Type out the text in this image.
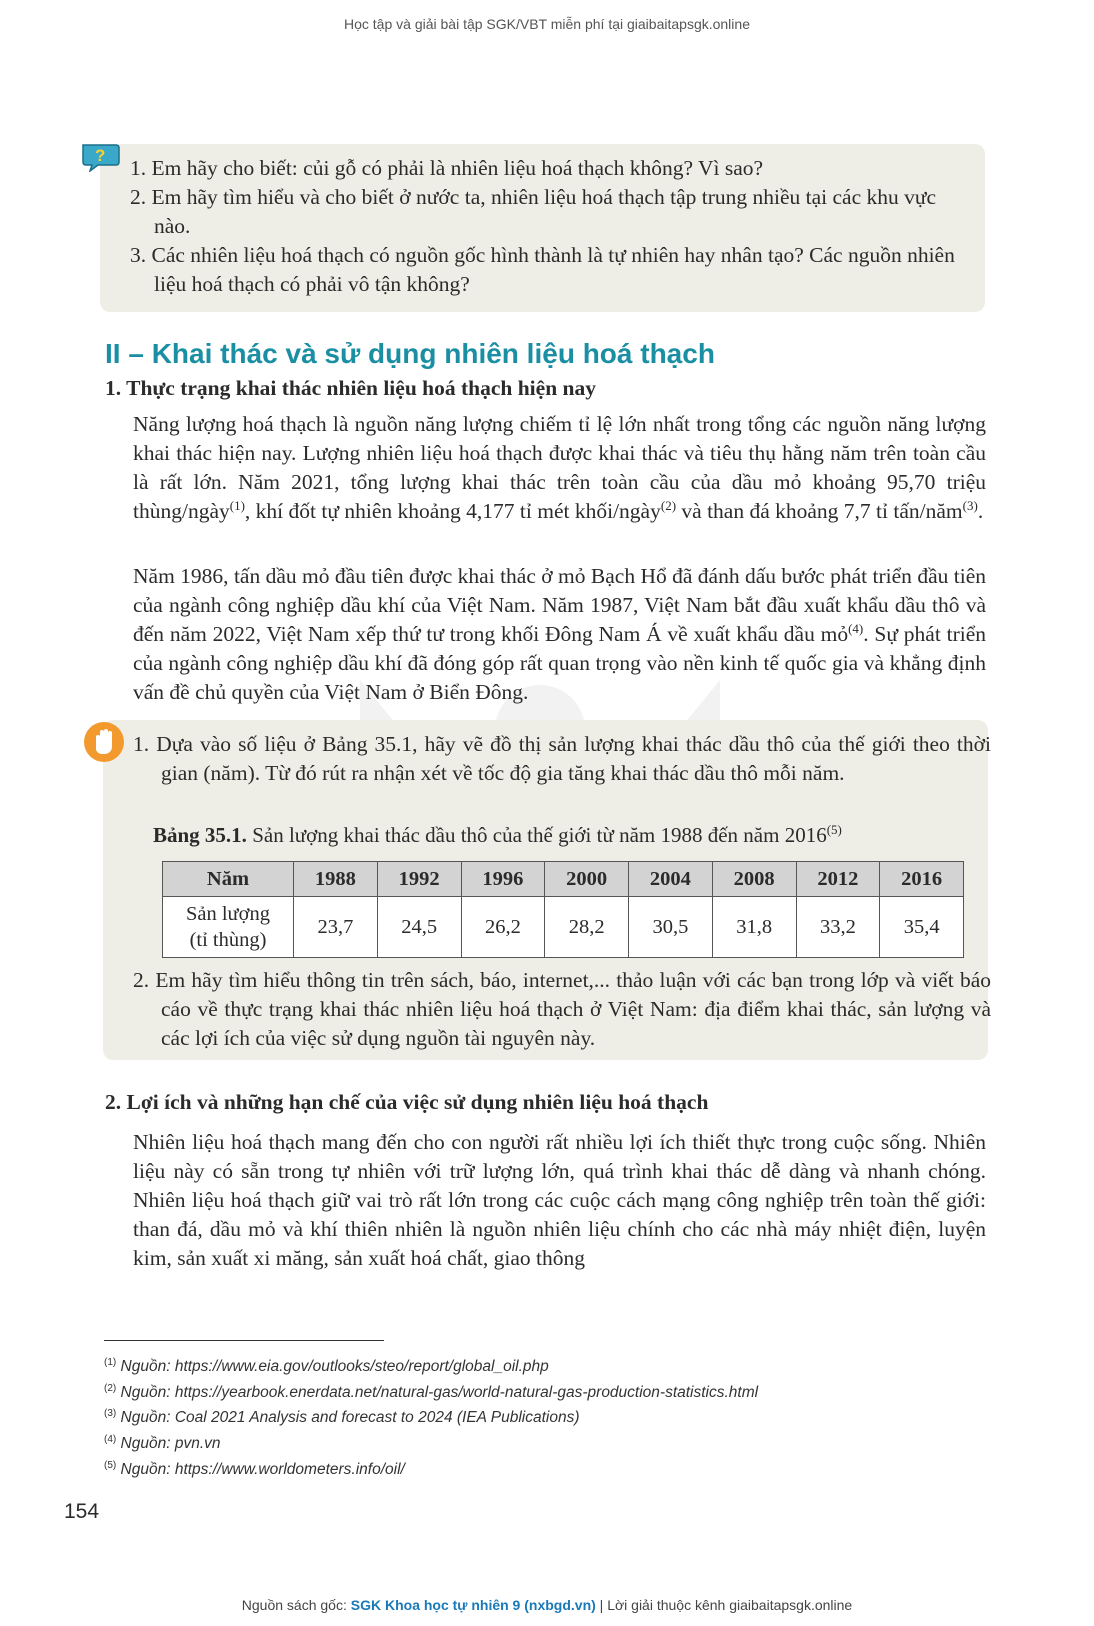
Học tập và giải bài tập SGK/VBT miễn phí tại giaibaitapsgk.online
?
1. Em hãy cho biết: củi gỗ có phải là nhiên liệu hoá thạch không? Vì sao?
2. Em hãy tìm hiểu và cho biết ở nước ta, nhiên liệu hoá thạch tập trung nhiều tại các khu vực nào.
3. Các nhiên liệu hoá thạch có nguồn gốc hình thành là tự nhiên hay nhân tạo? Các nguồn nhiên liệu hoá thạch có phải vô tận không?
II – Khai thác và sử dụng nhiên liệu hoá thạch
1. Thực trạng khai thác nhiên liệu hoá thạch hiện nay
Năng lượng hoá thạch là nguồn năng lượng chiếm tỉ lệ lớn nhất trong tổng các nguồn năng lượng khai thác hiện nay. Lượng nhiên liệu hoá thạch được khai thác và tiêu thụ hằng năm trên toàn cầu là rất lớn. Năm 2021, tổng lượng khai thác trên toàn cầu của dầu mỏ khoảng 95,70 triệu thùng/ngày$^{(1)}$, khí đốt tự nhiên khoảng 4,177 tỉ mét khối/ngày$^{(2)}$ và than đá khoảng 7,7 tỉ tấn/năm$^{(3)}$.
Năm 1986, tấn dầu mỏ đầu tiên được khai thác ở mỏ Bạch Hổ đã đánh dấu bước phát triển đầu tiên của ngành công nghiệp dầu khí của Việt Nam. Năm 1987, Việt Nam bắt đầu xuất khẩu dầu thô và đến năm 2022, Việt Nam xếp thứ tư trong khối Đông Nam Á về xuất khẩu dầu mỏ$^{(4)}$. Sự phát triển của ngành công nghiệp dầu khí đã đóng góp rất quan trọng vào nền kinh tế quốc gia và khẳng định vấn đề chủ quyền của Việt Nam ở Biển Đông.
1. Dựa vào số liệu ở Bảng 35.1, hãy vẽ đồ thị sản lượng khai thác dầu thô của thế giới theo thời gian (năm). Từ đó rút ra nhận xét về tốc độ gia tăng khai thác dầu thô mỗi năm.
Bảng 35.1. Sản lượng khai thác dầu thô của thế giới từ năm 1988 đến năm 2016$^{(5)}$
Năm	1988	1992	1996	2000	2004	2008	2012	2016

Sản lượng
(tỉ thùng)	23,7	24,5	26,2	28,2	30,5	31,8	33,2	35,4
2. Em hãy tìm hiểu thông tin trên sách, báo, internet,... thảo luận với các bạn trong lớp và viết báo cáo về thực trạng khai thác nhiên liệu hoá thạch ở Việt Nam: địa điểm khai thác, sản lượng và các lợi ích của việc sử dụng nguồn tài nguyên này.
2. Lợi ích và những hạn chế của việc sử dụng nhiên liệu hoá thạch
Nhiên liệu hoá thạch mang đến cho con người rất nhiều lợi ích thiết thực trong cuộc sống. Nhiên liệu này có sẵn trong tự nhiên với trữ lượng lớn, quá trình khai thác dễ dàng và nhanh chóng. Nhiên liệu hoá thạch giữ vai trò rất lớn trong các cuộc cách mạng công nghiệp trên toàn thế giới: than đá, dầu mỏ và khí thiên nhiên là nguồn nhiên liệu chính cho các nhà máy nhiệt điện, luyện kim, sản xuất xi măng, sản xuất hoá chất, giao thông
$^{(1)}$ Nguồn: https://www.eia.gov/outlooks/steo/report/global_oil.php
$^{(2)}$ Nguồn: https://yearbook.enerdata.net/natural-gas/world-natural-gas-production-statistics.html
$^{(3)}$ Nguồn: Coal 2021 Analysis and forecast to 2024 (IEA Publications)
$^{(4)}$ Nguồn: pvn.vn
$^{(5)}$ Nguồn: https://www.worldometers.info/oil/
154
Nguồn sách gốc: SGK Khoa học tự nhiên 9 (nxbgd.vn) | Lời giải thuộc kênh giaibaitapsgk.online
